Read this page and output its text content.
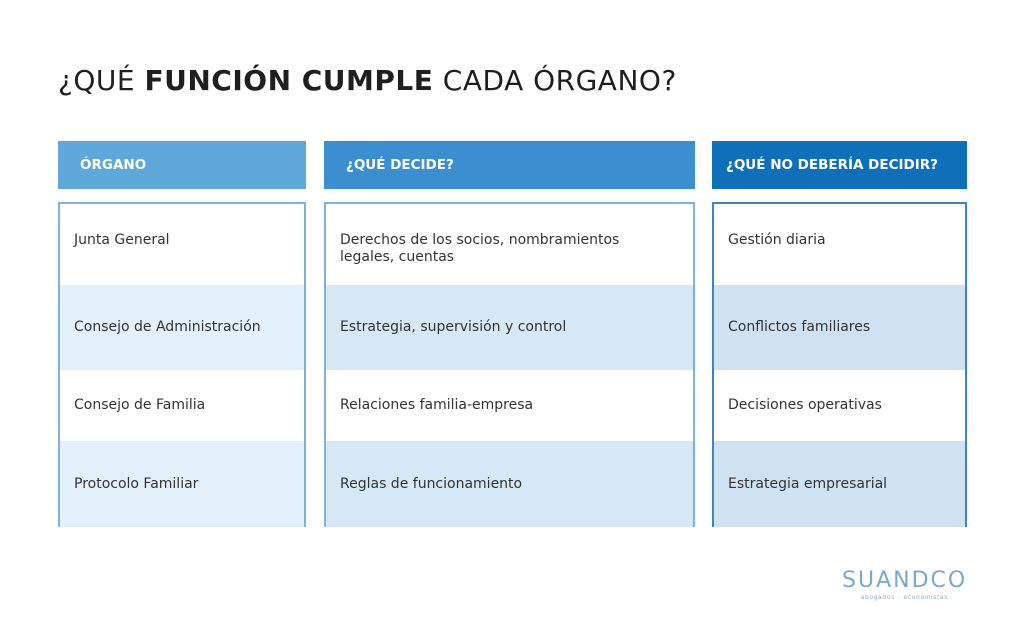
¿QUÉ FUNCIÓN CUMPLE CADA ÓRGANO?
ÓRGANO
Junta General
Consejo de Administración
Consejo de Familia
Protocolo Familiar
¿QUÉ DECIDE?
Derechos de los socios, nombramientos legales, cuentas
Estrategia, supervisión y control
Relaciones familia-empresa
Reglas de funcionamiento
¿QUÉ NO DEBERÍA DECIDIR?
Gestión diaria
Conflictos familiares
Decisiones operativas
Estrategia empresarial
SUANDCO
abogados · economistas
